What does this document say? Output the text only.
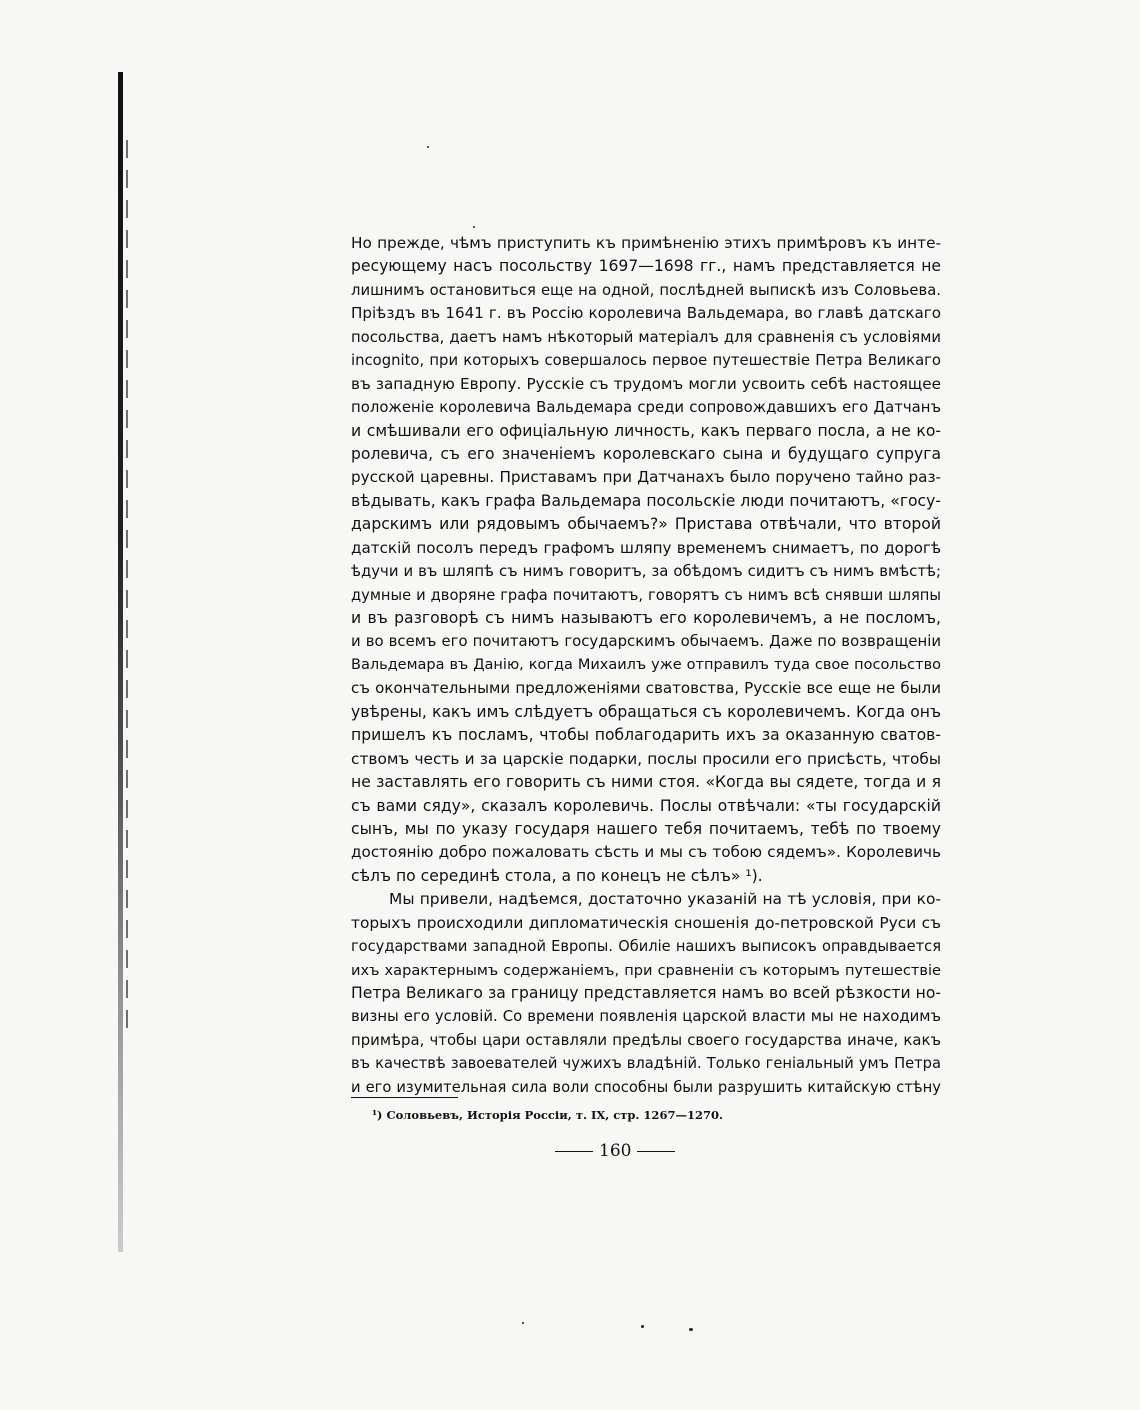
Но прежде, чѣмъ приступить къ примѣненію этихъ примѣровъ къ инте-
ресующему насъ посольству 1697—1698 гг., намъ представляется не
лишнимъ остановиться еще на одной, послѣдней выпискѣ изъ Соловьева.
Пріѣздъ въ 1641 г. въ Россію королевича Вальдемара, во главѣ датскаго
посольства, даетъ намъ нѣкоторый матеріалъ для сравненія съ условіями
incognito, при которыхъ совершалось первое путешествіе Петра Великаго
въ западную Европу. Русскіе съ трудомъ могли усвоить себѣ настоящее
положеніе королевича Вальдемара среди сопровождавшихъ его Датчанъ
и смѣшивали его офиціальную личность, какъ перваго посла, а не ко-
ролевича, съ его значеніемъ королевскаго сына и будущаго супруга
русской царевны. Приставамъ при Датчанахъ было поручено тайно раз-
вѣдывать, какъ графа Вальдемара посольскіе люди почитаютъ, «госу-
дарскимъ или рядовымъ обычаемъ?» Пристава отвѣчали, что второй
датскій посолъ передъ графомъ шляпу временемъ снимаетъ, по дорогѣ
ѣдучи и въ шляпѣ съ нимъ говоритъ, за обѣдомъ сидитъ съ нимъ вмѣстѣ;
думные и дворяне графа почитаютъ, говорятъ съ нимъ всѣ снявши шляпы
и въ разговорѣ съ нимъ называютъ его королевичемъ, а не посломъ,
и во всемъ его почитаютъ государскимъ обычаемъ. Даже по возвращеніи
Вальдемара въ Данію, когда Михаилъ уже отправилъ туда свое посольство
съ окончательными предложеніями сватовства, Русскіе все еще не были
увѣрены, какъ имъ слѣдуетъ обращаться съ королевичемъ. Когда онъ
пришелъ къ посламъ, чтобы поблагодарить ихъ за оказанную сватов-
ствомъ честь и за царскіе подарки, послы просили его присѣсть, чтобы
не заставлять его говорить съ ними стоя. «Когда вы сядете, тогда и я
съ вами сяду», сказалъ королевичь. Послы отвѣчали: «ты государскій
сынъ, мы по указу государя нашего тебя почитаемъ, тебѣ по твоему
достоянію добро пожаловать сѣсть и мы съ тобою сядемъ». Королевичь
сѣлъ по серединѣ стола, а по конецъ не сѣлъ» ¹).
Мы привели, надѣемся, достаточно указаній на тѣ условія, при ко-
торыхъ происходили дипломатическія сношенія до-петровской Руси съ
государствами западной Европы. Обиліе нашихъ выписокъ оправдывается
ихъ характернымъ содержаніемъ, при сравненіи съ которымъ путешествіе
Петра Великаго за границу представляется намъ во всей рѣзкости но-
визны его условій. Со времени появленія царской власти мы не находимъ
примѣра, чтобы цари оставляли предѣлы своего государства иначе, какъ
въ качествѣ завоевателей чужихъ владѣній. Только геніальный умъ Петра
и его изумительная сила воли способны были разрушить китайскую стѣну
¹) Соловьевъ, Исторія Россіи, т. IX, стр. 1267—1270.
160
